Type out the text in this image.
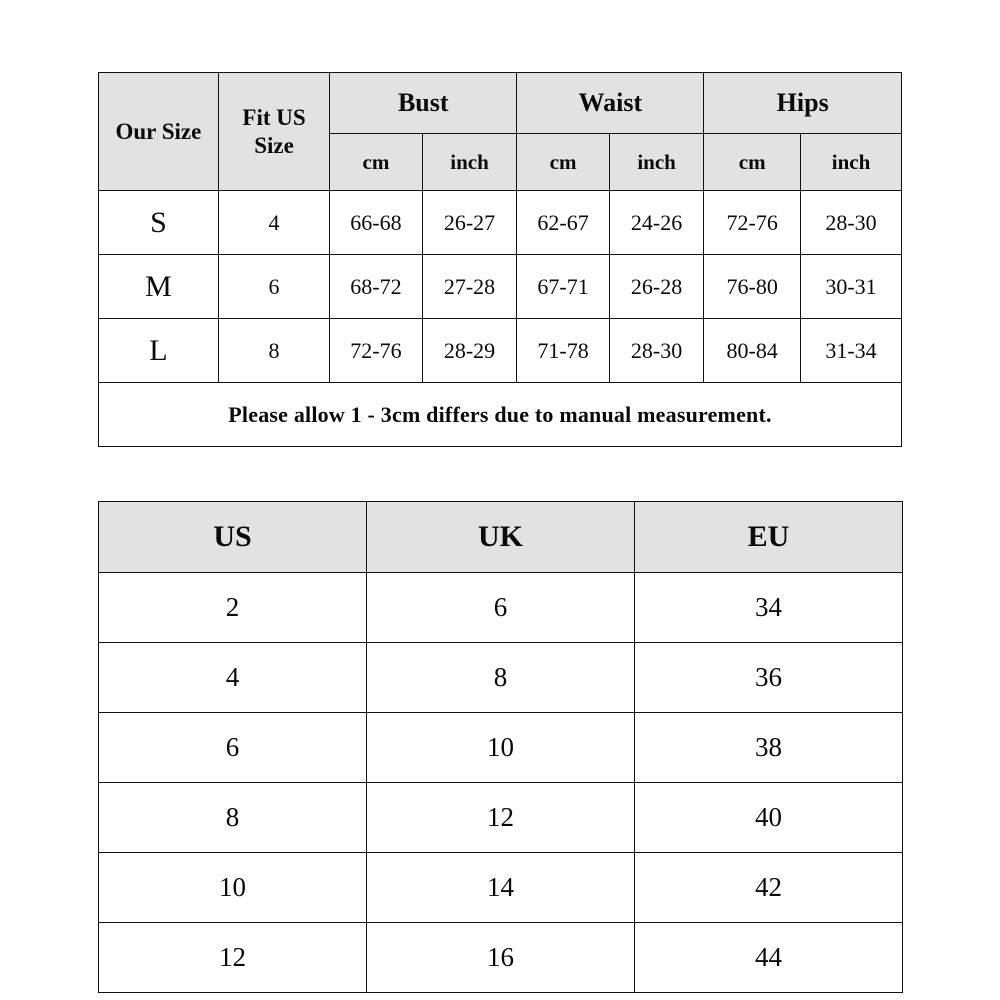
Our Size	Fit US Size	Bust		Waist		Hips	
		cm	inch	cm	inch	cm	inch
S	4	66-68	26-27	62-67	24-26	72-76	28-30
M	6	68-72	27-28	67-71	26-28	76-80	30-31
L	8	72-76	28-29	71-78	28-30	80-84	31-34
Please allow 1 - 3cm differs due to manual measurement.							
US	UK	EU
2	6	34
4	8	36
6	10	38
8	12	40
10	14	42
12	16	44
